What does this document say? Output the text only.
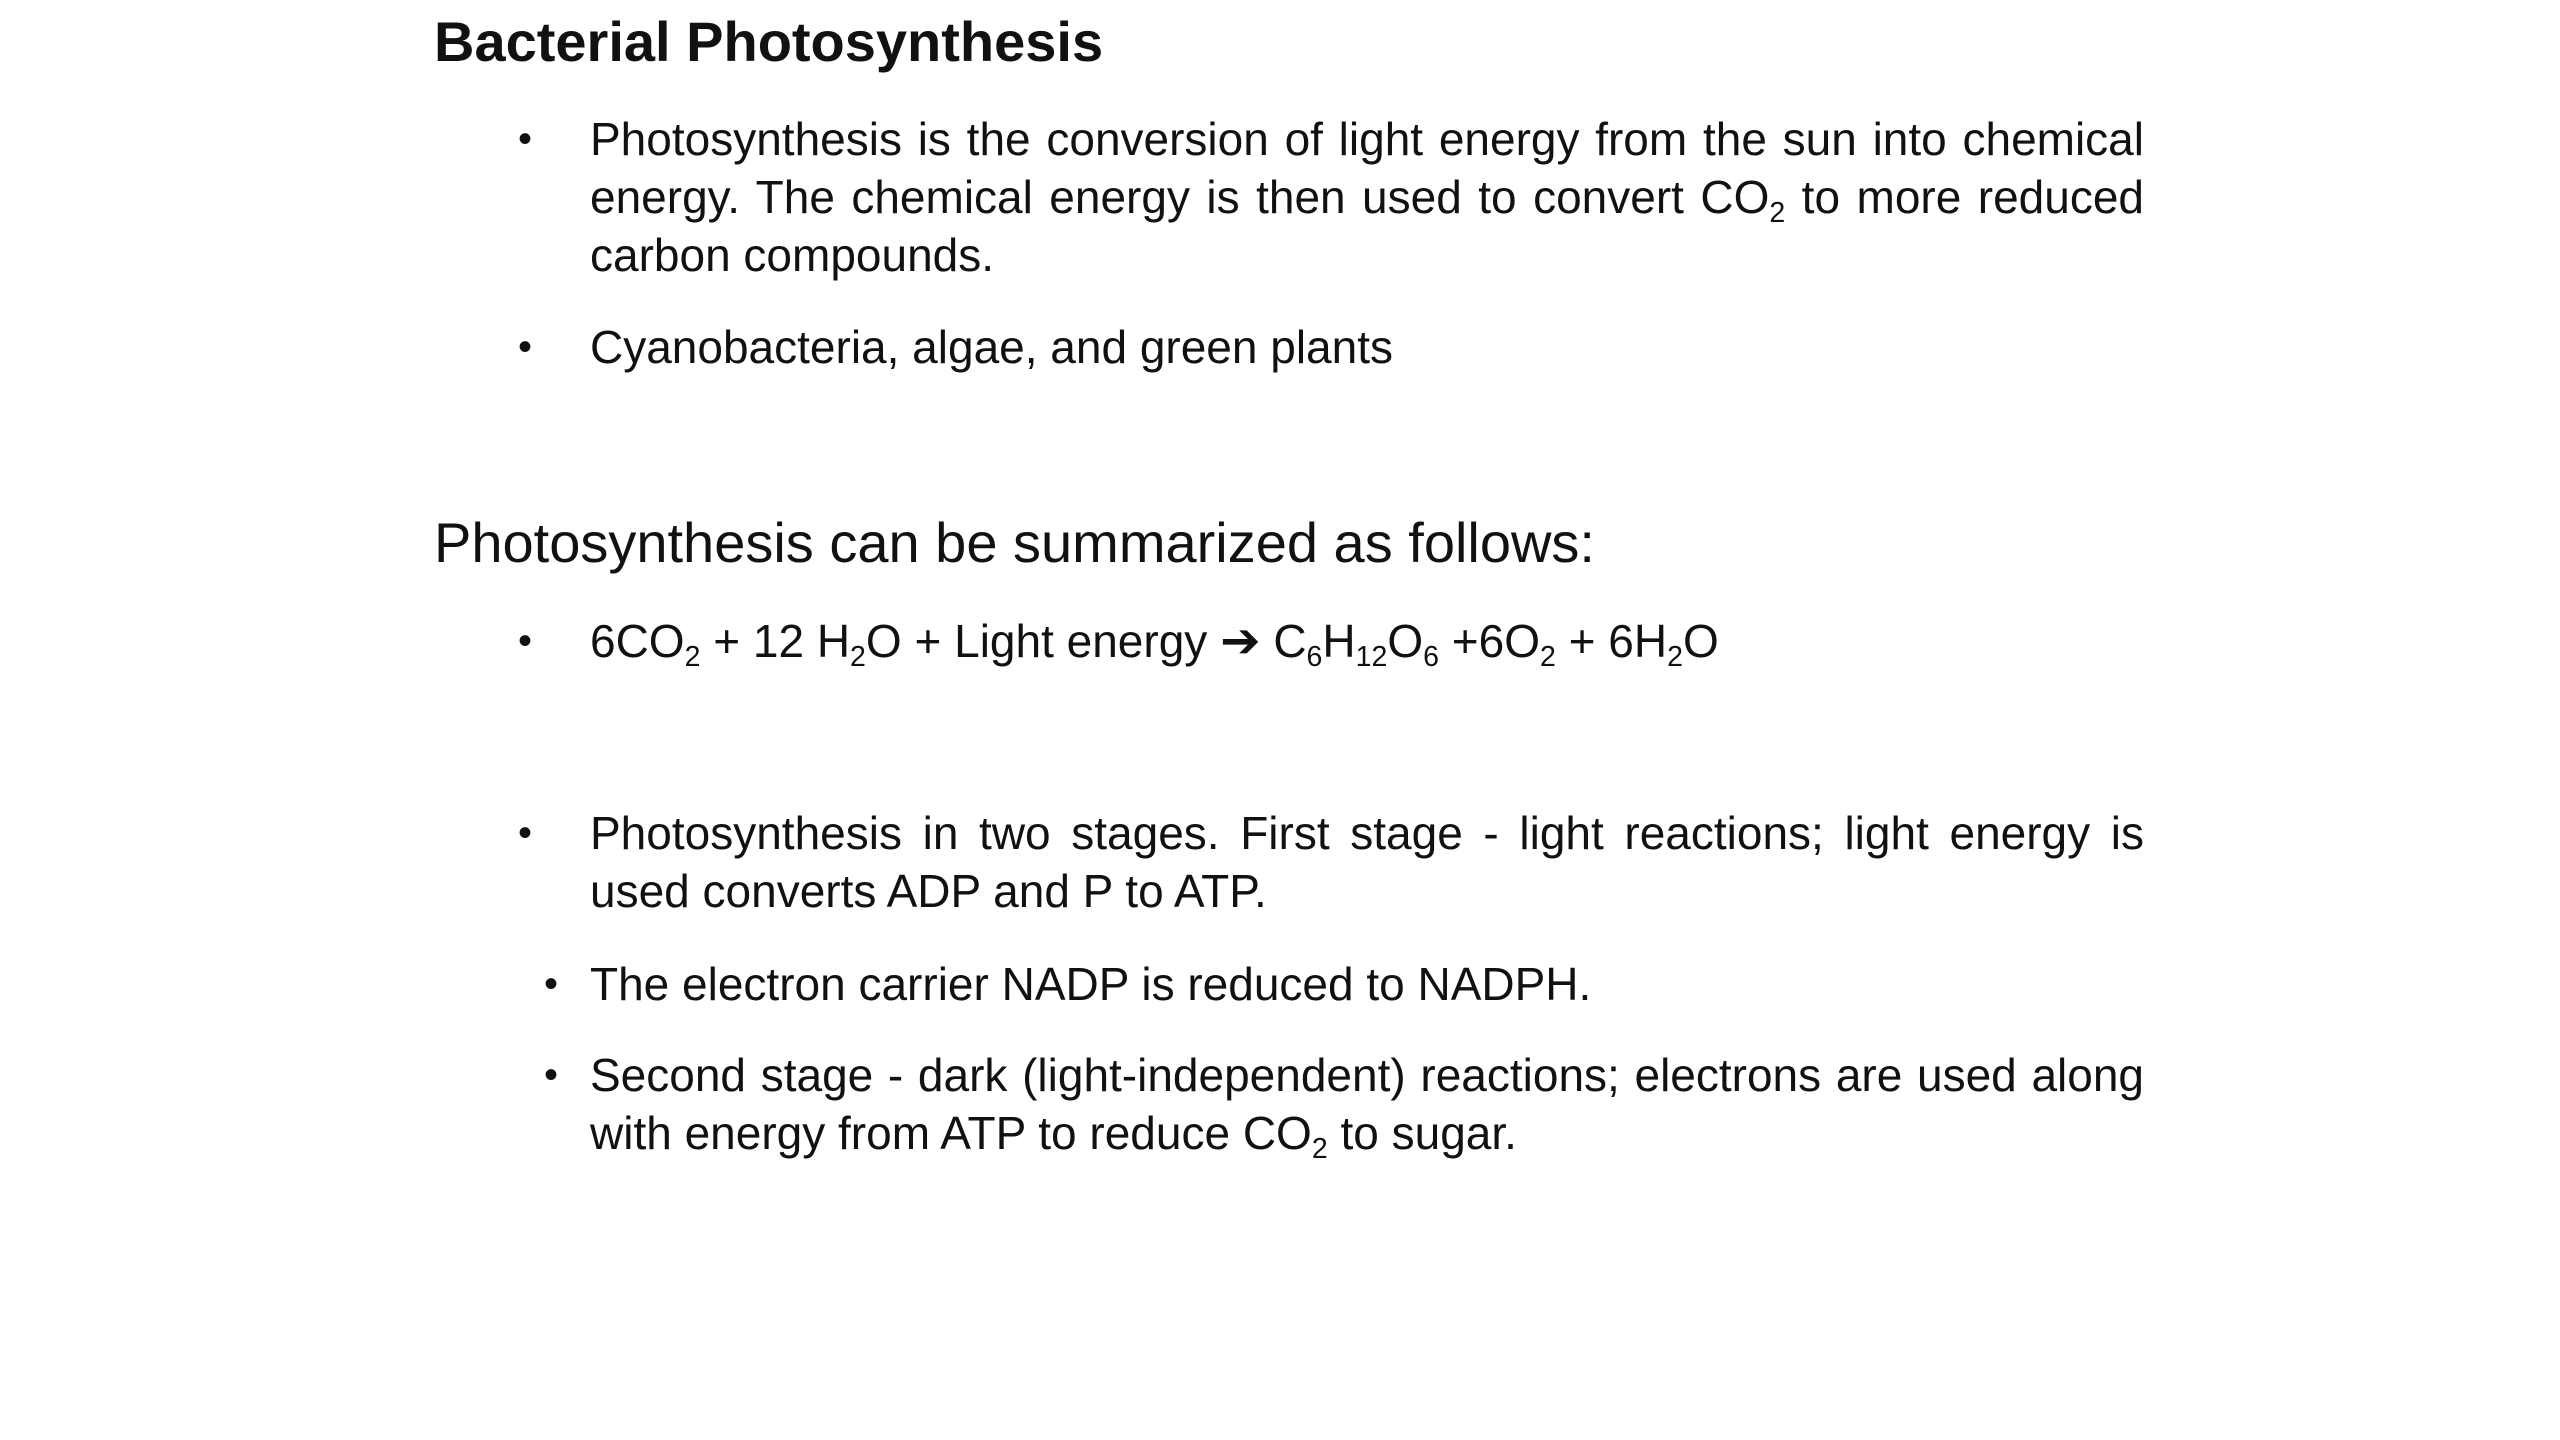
Bacterial Photosynthesis
•	Photosynthesis is the conversion of light energy from the sun into chemical energy. The chemical energy is then used to convert $CO_2$ to more reduced carbon compounds.
•	Cyanobacteria, algae, and green plants
Photosynthesis can be summarized as follows:
•	$6CO_2 + 12$ $H_2O$ + Light energy ➔ $C_6H_{12}O_6 +6O_2 + 6H_2O$
•	Photosynthesis in two stages. First stage - light reactions; light energy is used converts ADP and P to ATP.
• The electron carrier NADP is reduced to NADPH.
• Second stage - dark (light-independent) reactions; electrons are used along with energy from ATP to reduce $CO_2$ to sugar.
